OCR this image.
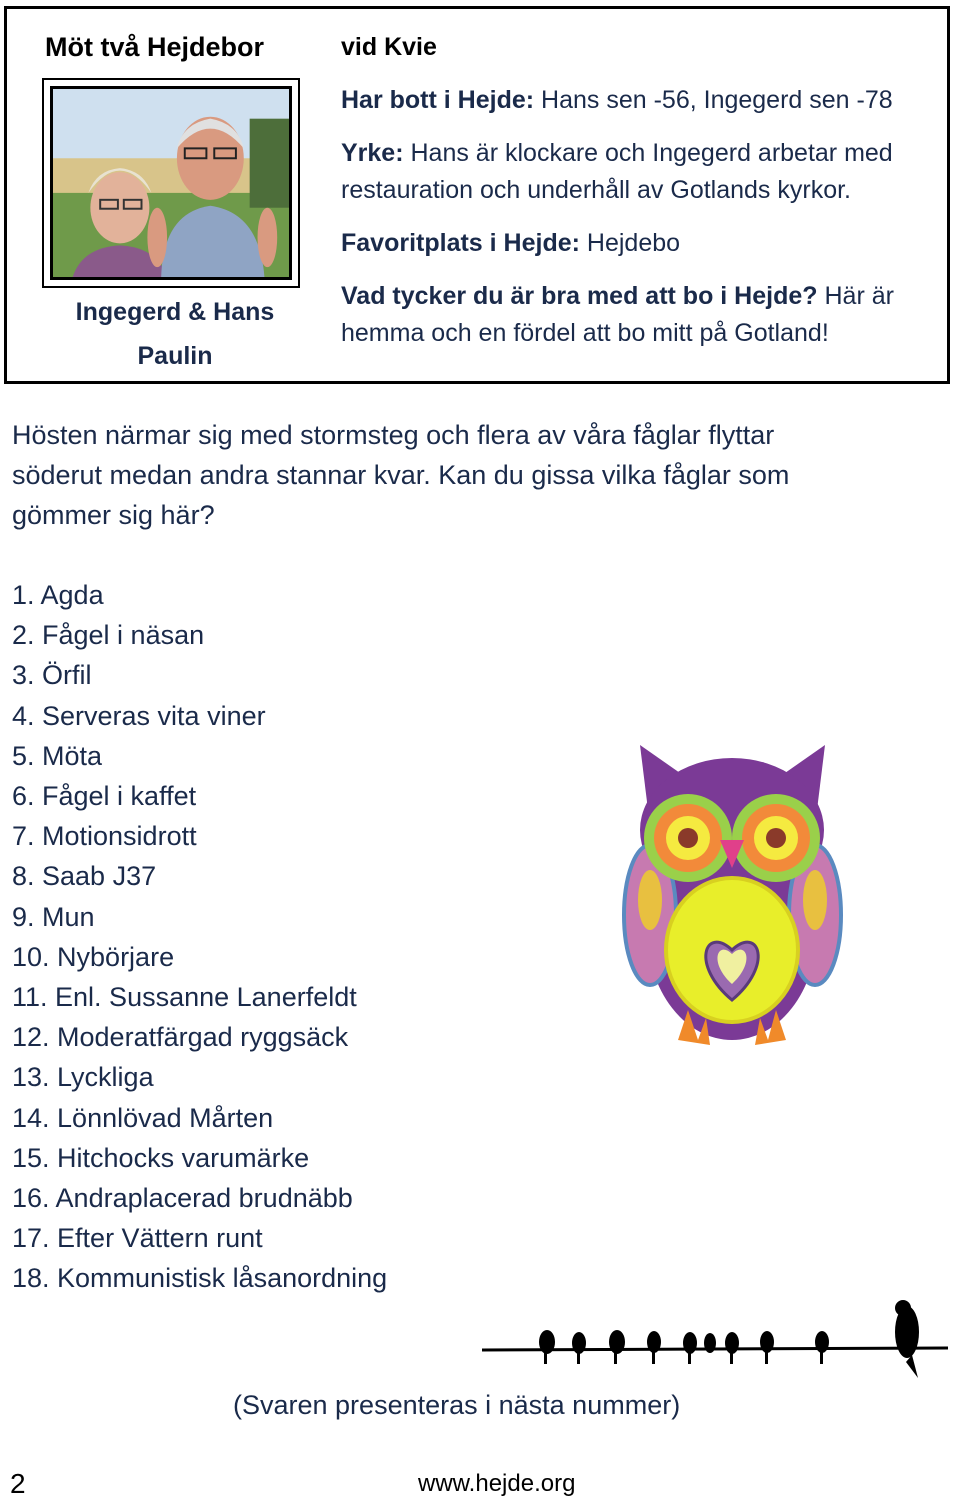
Möt två Hejdebor	vid Kvie
Ingegerd & Hans
Paulin
Har bott i Hejde: Hans sen -56, Ingegerd sen -78
Yrke: Hans är klockare och Ingegerd arbetar med
restauration och underhåll av Gotlands kyrkor.
Favoritplats i Hejde: Hejdebo
Vad tycker du är bra med att bo i Hejde? Här är
hemma och en fördel att bo mitt på Gotland!
Hösten närmar sig med stormsteg och flera av våra fåglar flyttar
söderut medan andra stannar kvar. Kan du gissa vilka fåglar som
gömmer sig här?
1. Agda
2. Fågel i näsan
3. Örfil
4. Serveras vita viner
5. Möta
6. Fågel i kaffet
7. Motionsidrott
8. Saab J37
9. Mun
10. Nybörjare
11. Enl. Sussanne Lanerfeldt
12. Moderatfärgad ryggsäck
13. Lyckliga
14. Lönnlövad Mårten
15. Hitchocks varumärke
16. Andraplacerad brudnäbb
17. Efter Vättern runt
18. Kommunistisk låsanordning
(Svaren presenteras i nästa nummer)
2	www.hejde.org
